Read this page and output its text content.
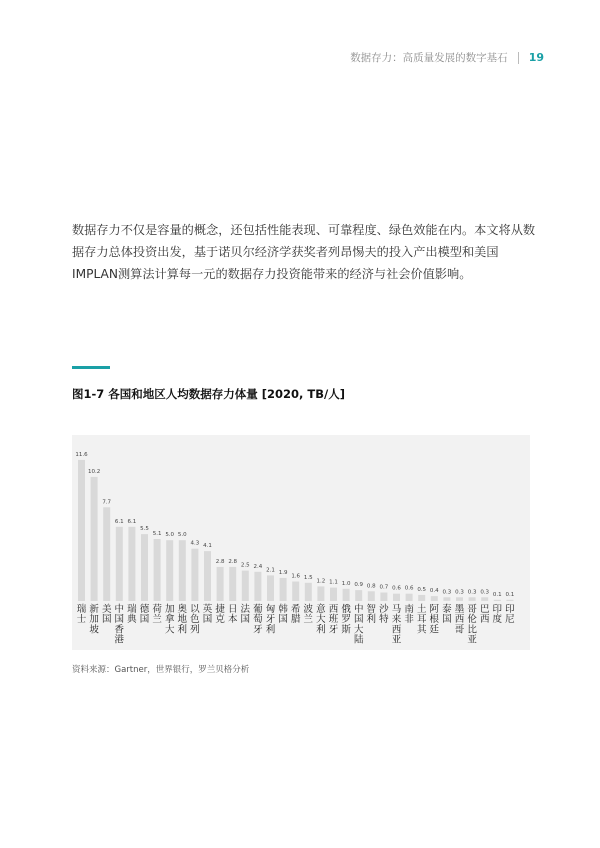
数据存力：高质量发展的数字基石 19

数据存力不仅是容量的概念，还包括性能表现、可靠程度、绿色效能在内。本文将从数据存力总体投资出发，基于诺贝尔经济学获奖者列昂惕夫的投入产出模型和美国IMPLAN测算法计算每一元的数据存力投资能带来的经济与社会价值影响。

图1-7 各国和地区人均数据存力体量 [2020, TB/人]
11.6
瑞士
10.2
新加坡
7.7
美国
6.1
中国香港
6.1
瑞典
5.5
德国
5.1
荷兰
5.0
加拿大
5.0
奥地利
4.3
以色列
4.1
英国
2.8
捷克
2.8
日本
2.5
法国
2.4
葡萄牙
2.1
匈牙利
1.9
韩国
1.6
希腊
1.5
波兰
1.2
意大利
1.1
西班牙
1.0
俄罗斯
0.9
中国大陆
0.8
智利
0.7
沙特
0.6
马来西亚
0.6
南非
0.5
土耳其
0.4
阿根廷
0.3
泰国
0.3
墨西哥
0.3
哥伦比亚
0.3
巴西
0.1
印度
0.1
印尼
资料来源：Gartner，世界银行，罗兰贝格分析
